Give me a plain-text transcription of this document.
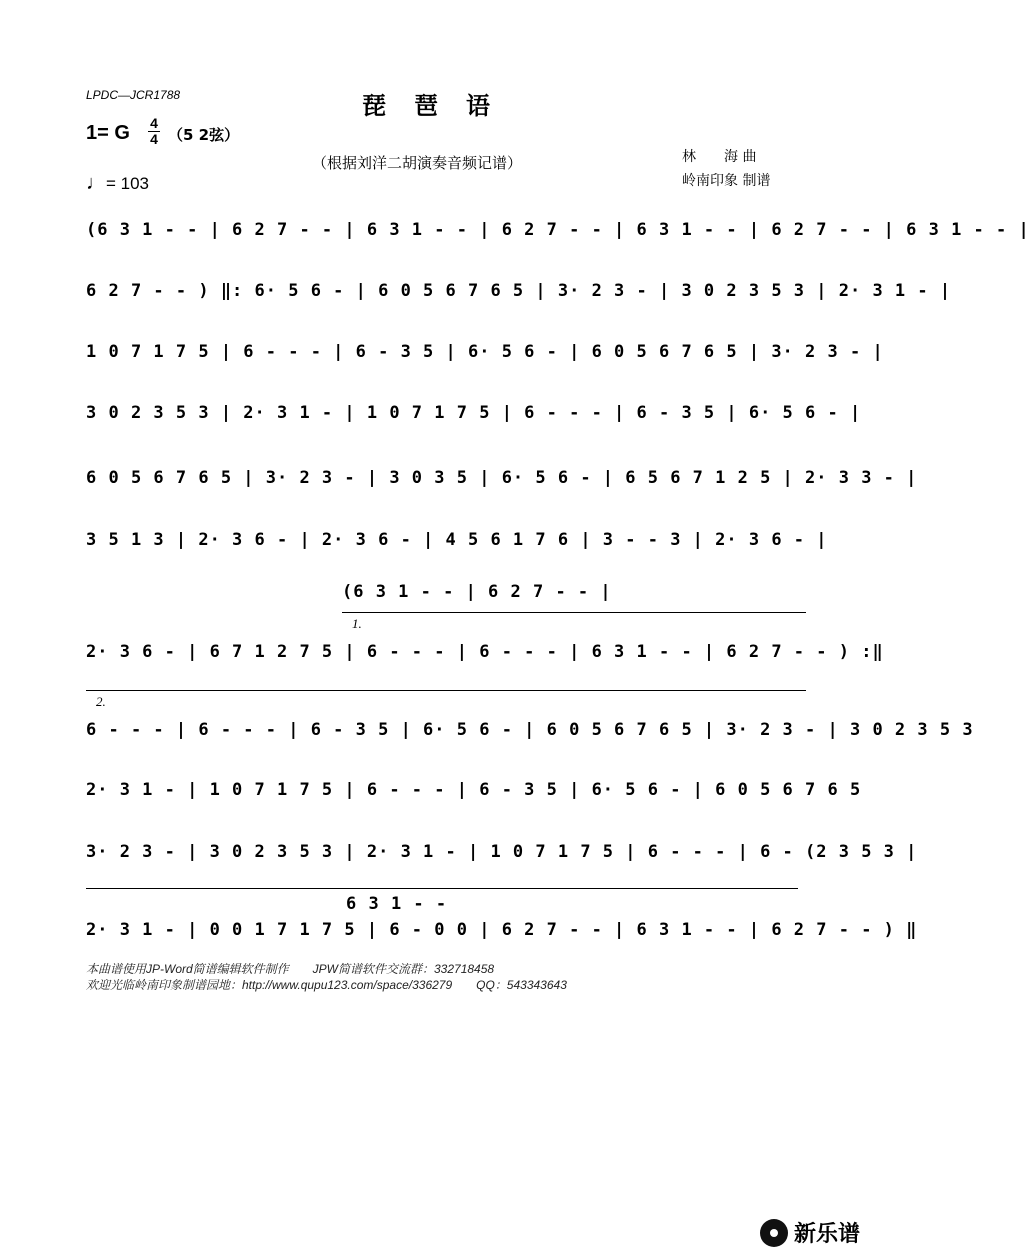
LPDC—JCR1788	琵琶语
1= G 4
4 （5 2弦）
♩= 103
（根据刘洋二胡演奏音频记谱）	林　　海 曲
岭南印象 制谱
(6 3 1 - - | 6 2 7 - - | 6 3 1 - - | 6 2 7 - - | 6 3 1 - - | 6 2 7 - - | 6 3 1 - - |
6 2 7 - - ) ‖: 6· 5 6 - | 6 0 5 6 7 6 5 | 3· 2 3 - | 3 0 2 3 5 3 | 2· 3 1 - |
1 0 7 1 7 5 | 6 - - - | 6 - 3 5 | 6· 5 6 - | 6 0 5 6 7 6 5 | 3· 2 3 - |
3 0 2 3 5 3 | 2· 3 1 - | 1 0 7 1 7 5 | 6 - - - | 6 - 3 5 | 6· 5 6 - |
6 0 5 6 7 6 5 | 3· 2 3 - | 3 0 3 5 | 6· 5 6 - | 6 5 6 7 1 2 5 | 2· 3 3 - |
3 5 1 3 | 2· 3 6 - | 2· 3 6 - | 4 5 6 1 7 6 | 3 - - 3 | 2· 3 6 - |
(6 3 1 - - | 6 2 7 - - |
1.
2· 3 6 - | 6 7 1 2 7 5 | 6 - - - | 6 - - - | 6 3 1 - - | 6 2 7 - - ) :‖
2.
6 - - - | 6 - - - | 6 - 3 5 | 6· 5 6 - | 6 0 5 6 7 6 5 | 3· 2 3 - | 3 0 2 3 5 3
2· 3 1 - | 1 0 7 1 7 5 | 6 - - - | 6 - 3 5 | 6· 5 6 - | 6 0 5 6 7 6 5
3· 2 3 - | 3 0 2 3 5 3 | 2· 3 1 - | 1 0 7 1 7 5 | 6 - - - | 6 - (2 3 5 3 |
6 3 1 - -
2· 3 1 - | 0 0 1 7 1 7 5 | 6 - 0 0 | 6 2 7 - - | 6 3 1 - - | 6 2 7 - - ) ‖
本曲谱使用JP-Word简谱编辑软件制作　　JPW简谱软件交流群：332718458
欢迎光临岭南印象制谱园地：http://www.qupu123.com/space/336279　　QQ：543343643
新乐谱
